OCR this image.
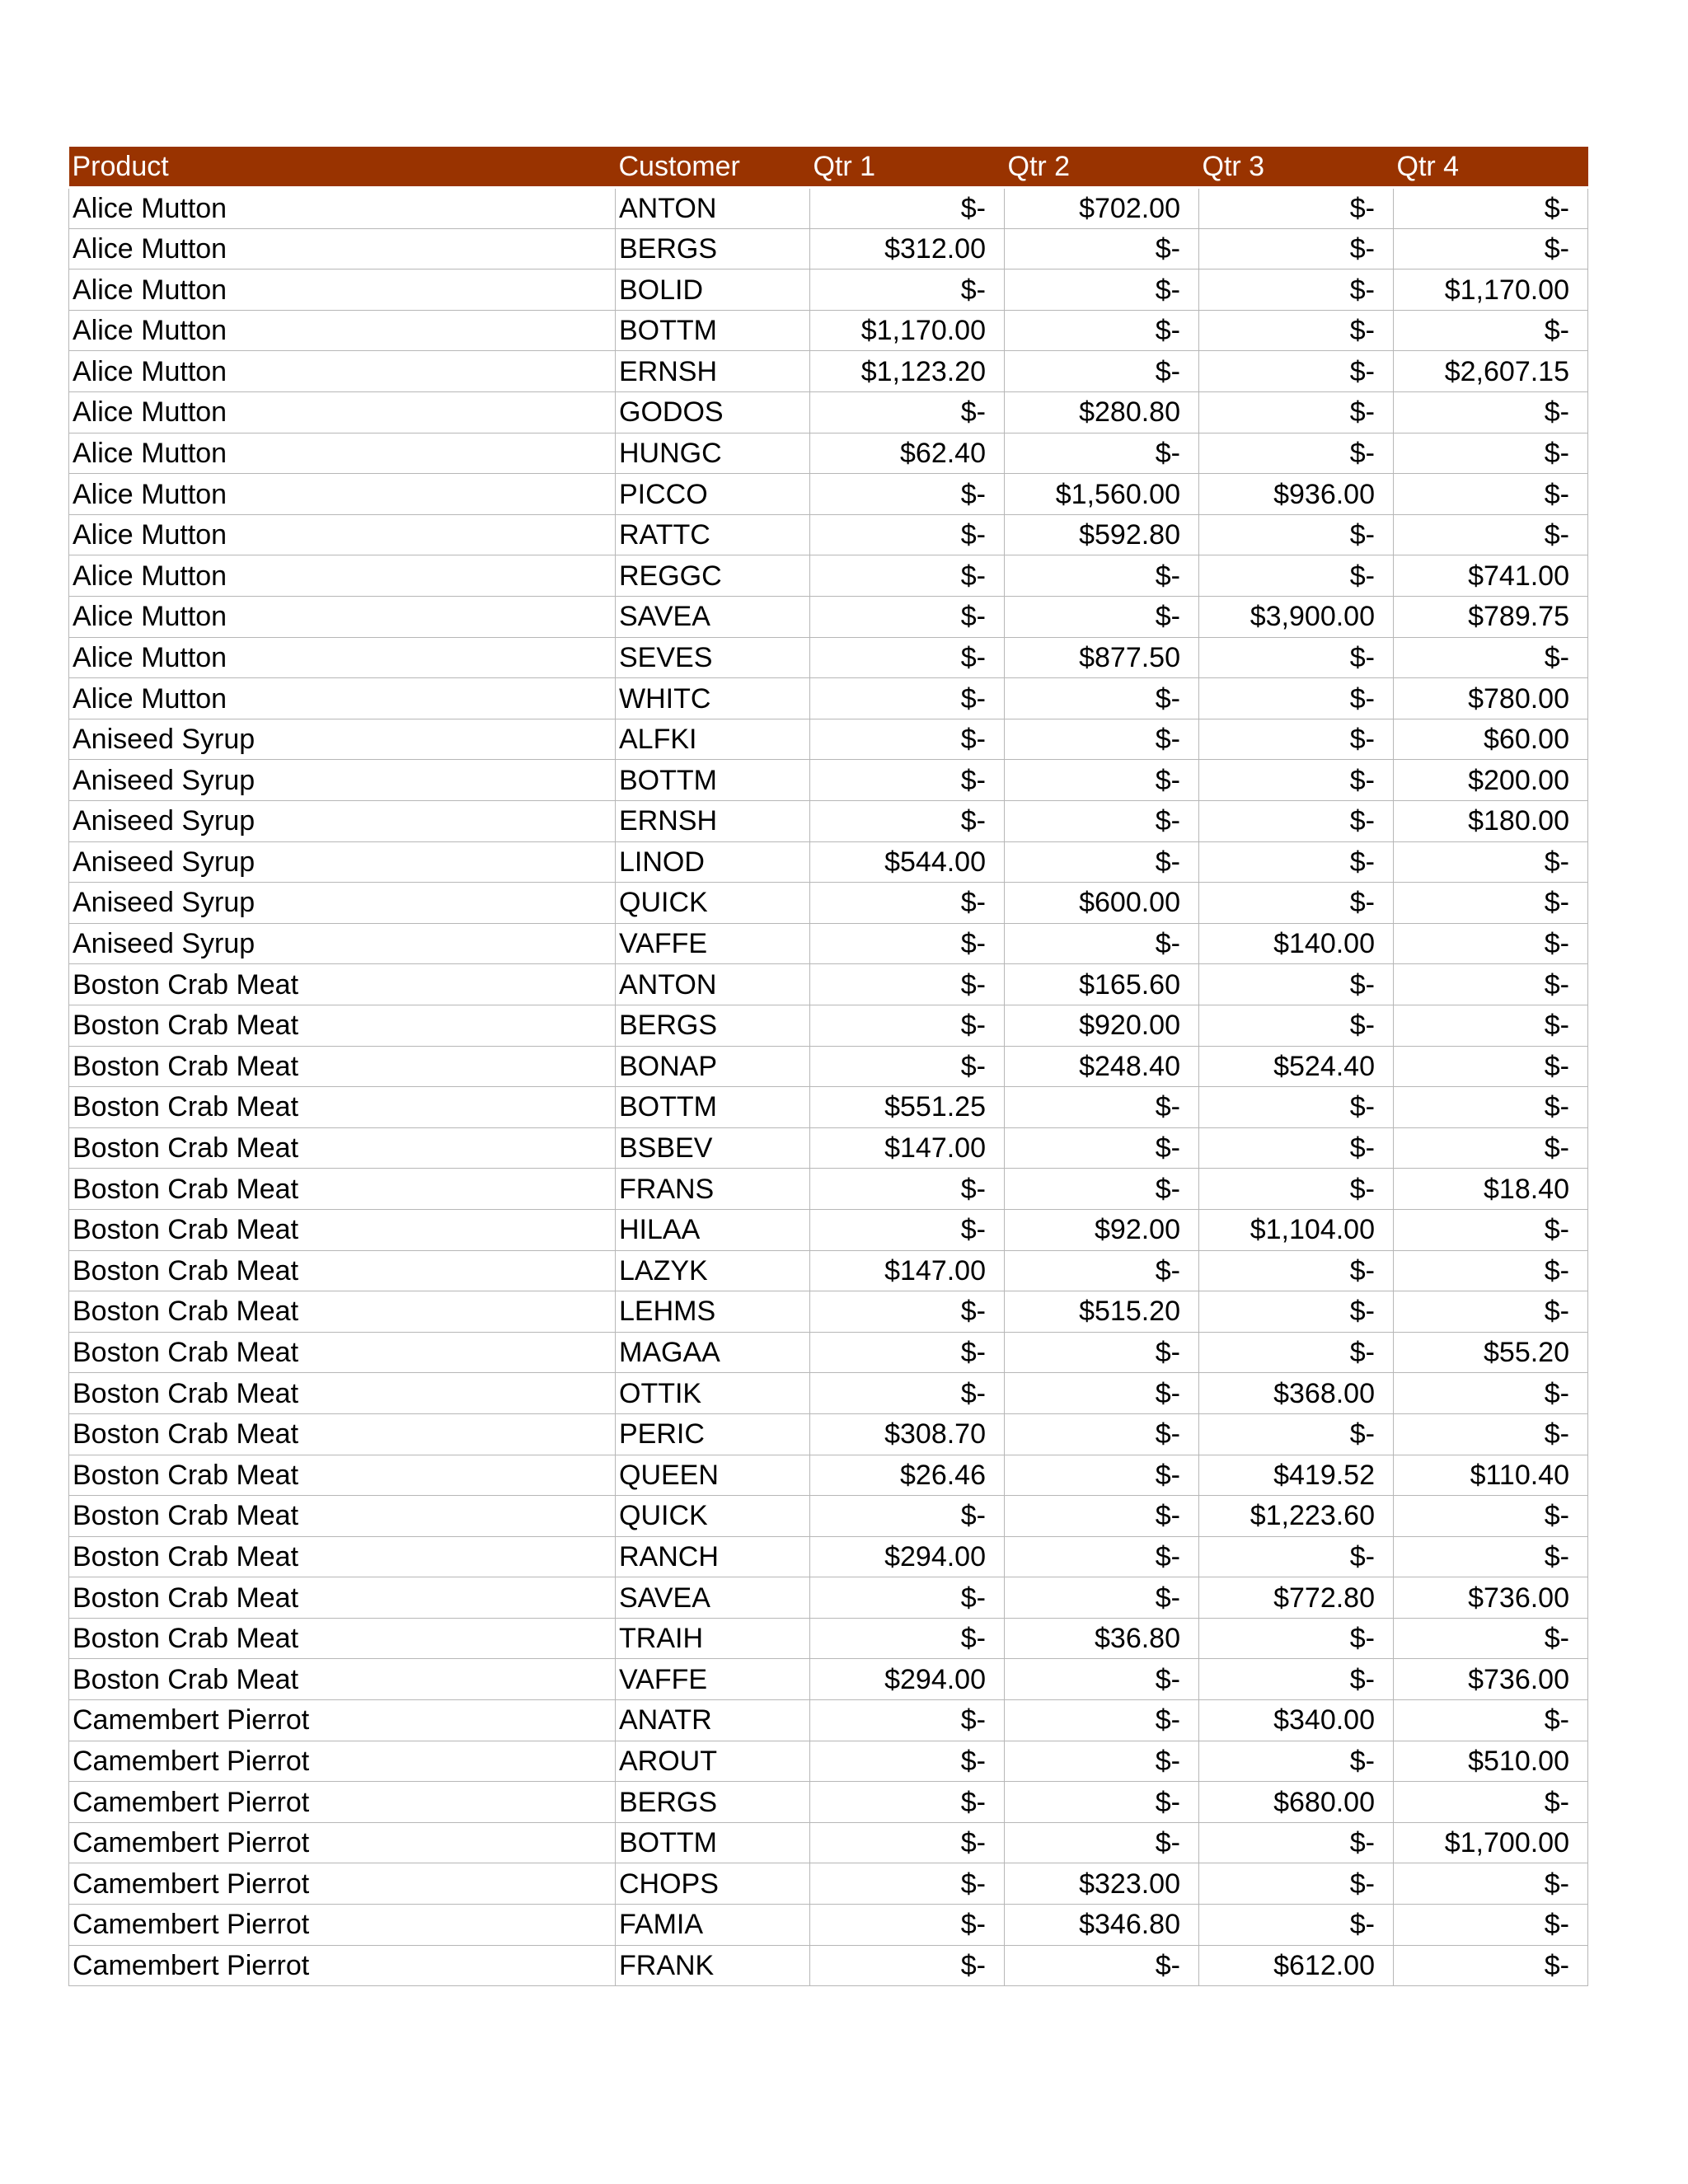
Product	Customer	Qtr 1	Qtr 2	Qtr 3	Qtr 4
Alice Mutton	ANTON	$-	$702.00	$-	$-
Alice Mutton	BERGS	$312.00	$-	$-	$-
Alice Mutton	BOLID	$-	$-	$-	$1,170.00
Alice Mutton	BOTTM	$1,170.00	$-	$-	$-
Alice Mutton	ERNSH	$1,123.20	$-	$-	$2,607.15
Alice Mutton	GODOS	$-	$280.80	$-	$-
Alice Mutton	HUNGC	$62.40	$-	$-	$-
Alice Mutton	PICCO	$-	$1,560.00	$936.00	$-
Alice Mutton	RATTC	$-	$592.80	$-	$-
Alice Mutton	REGGC	$-	$-	$-	$741.00
Alice Mutton	SAVEA	$-	$-	$3,900.00	$789.75
Alice Mutton	SEVES	$-	$877.50	$-	$-
Alice Mutton	WHITC	$-	$-	$-	$780.00
Aniseed Syrup	ALFKI	$-	$-	$-	$60.00
Aniseed Syrup	BOTTM	$-	$-	$-	$200.00
Aniseed Syrup	ERNSH	$-	$-	$-	$180.00
Aniseed Syrup	LINOD	$544.00	$-	$-	$-
Aniseed Syrup	QUICK	$-	$600.00	$-	$-
Aniseed Syrup	VAFFE	$-	$-	$140.00	$-
Boston Crab Meat	ANTON	$-	$165.60	$-	$-
Boston Crab Meat	BERGS	$-	$920.00	$-	$-
Boston Crab Meat	BONAP	$-	$248.40	$524.40	$-
Boston Crab Meat	BOTTM	$551.25	$-	$-	$-
Boston Crab Meat	BSBEV	$147.00	$-	$-	$-
Boston Crab Meat	FRANS	$-	$-	$-	$18.40
Boston Crab Meat	HILAA	$-	$92.00	$1,104.00	$-
Boston Crab Meat	LAZYK	$147.00	$-	$-	$-
Boston Crab Meat	LEHMS	$-	$515.20	$-	$-
Boston Crab Meat	MAGAA	$-	$-	$-	$55.20
Boston Crab Meat	OTTIK	$-	$-	$368.00	$-
Boston Crab Meat	PERIC	$308.70	$-	$-	$-
Boston Crab Meat	QUEEN	$26.46	$-	$419.52	$110.40
Boston Crab Meat	QUICK	$-	$-	$1,223.60	$-
Boston Crab Meat	RANCH	$294.00	$-	$-	$-
Boston Crab Meat	SAVEA	$-	$-	$772.80	$736.00
Boston Crab Meat	TRAIH	$-	$36.80	$-	$-
Boston Crab Meat	VAFFE	$294.00	$-	$-	$736.00
Camembert Pierrot	ANATR	$-	$-	$340.00	$-
Camembert Pierrot	AROUT	$-	$-	$-	$510.00
Camembert Pierrot	BERGS	$-	$-	$680.00	$-
Camembert Pierrot	BOTTM	$-	$-	$-	$1,700.00
Camembert Pierrot	CHOPS	$-	$323.00	$-	$-
Camembert Pierrot	FAMIA	$-	$346.80	$-	$-
Camembert Pierrot	FRANK	$-	$-	$612.00	$-
